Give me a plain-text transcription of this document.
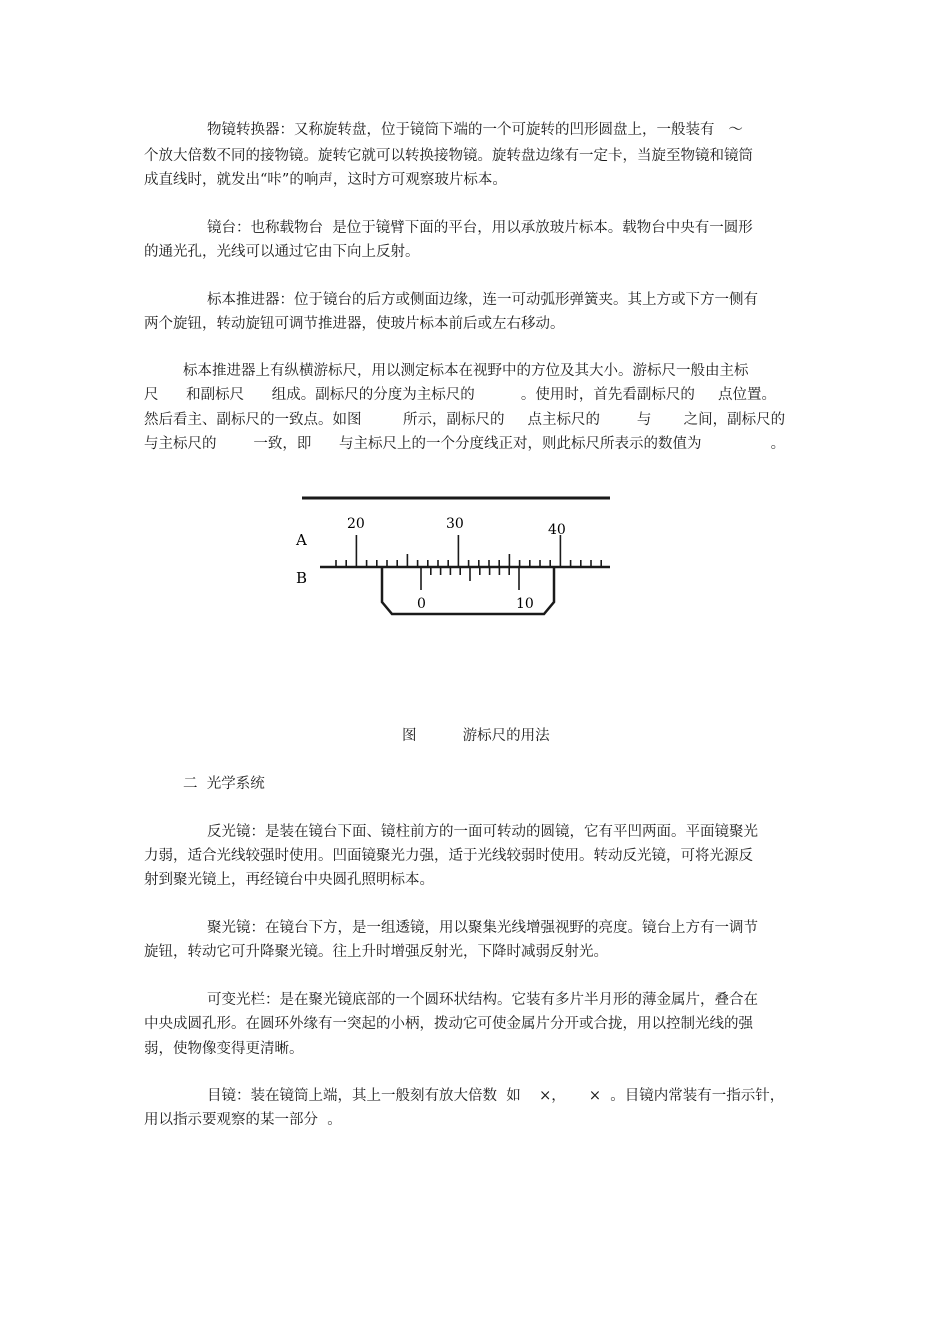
物镜转换器：又称旋转盘，位于镜筒下端的一个可旋转的凹形圆盘上，一般装有   ～
个放大倍数不同的接物镜。旋转它就可以转换接物镜。旋转盘边缘有一定卡，当旋至物镜和镜筒
成直线时，就发出“咔”的响声，这时方可观察玻片标本。
镜台：也称载物台  是位于镜臂下面的平台，用以承放玻片标本。载物台中央有一圆形
的通光孔，光线可以通过它由下向上反射。
标本推进器：位于镜台的后方或侧面边缘，连一可动弧形弹簧夹。其上方或下方一侧有
两个旋钮，转动旋钮可调节推进器，使玻片标本前后或左右移动。
标本推进器上有纵横游标尺，用以测定标本在视野中的方位及其大小。游标尺一般由主标
尺      和副标尺      组成。副标尺的分度为主标尺的          。使用时，首先看副标尺的     点位置。
然后看主、副标尺的一致点。如图         所示，副标尺的     点主标尺的        与       之间，副标尺的
与主标尺的        一致，即      与主标尺上的一个分度线正对，则此标尺所表示的数值为               。
A
B
20	30	40
0	10
图          游标尺的用法
二  光学系统
反光镜：是装在镜台下面、镜柱前方的一面可转动的圆镜，它有平凹两面。平面镜聚光
力弱，适合光线较强时使用。凹面镜聚光力强，适于光线较弱时使用。转动反光镜，可将光源反
射到聚光镜上，再经镜台中央圆孔照明标本。
聚光镜：在镜台下方，是一组透镜，用以聚集光线增强视野的亮度。镜台上方有一调节
旋钮，转动它可升降聚光镜。往上升时增强反射光，下降时减弱反射光。
可变光栏：是在聚光镜底部的一个圆环状结构。它装有多片半月形的薄金属片，叠合在
中央成圆孔形。在圆环外缘有一突起的小柄，拨动它可使金属片分开或合拢，用以控制光线的强
弱，使物像变得更清晰。
目镜：装在镜筒上端，其上一般刻有放大倍数  如    ×，     ×  。目镜内常装有一指示针，
用以指示要观察的某一部分  。
